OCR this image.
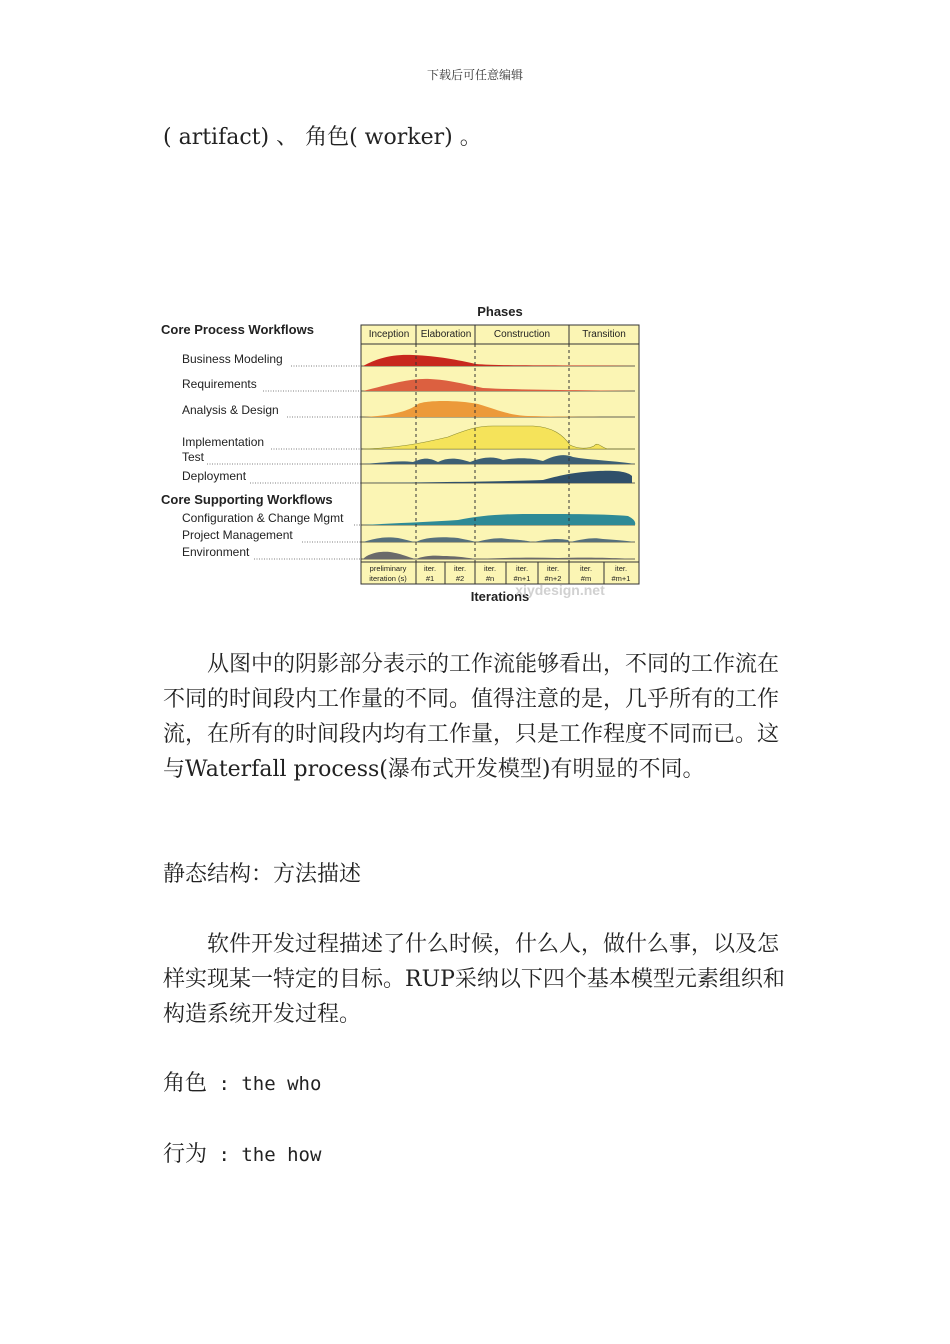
下载后可任意编辑

( artifact) 、 角色( worker) 。

Phases
Core Process Workflows
Core Supporting Workflows
Inception Elaboration Construction	Transition
Business Modeling
Requirements
Analysis & Design
Implementation
Test
Deployment
Configuration & Change Mgmt
Project Management
Environment
preliminary
iteration (s)
iter.
#1
iter.
#2
iter.
#n
iter.
#n+1
iter.
#n+2
iter.
#m
iter.
#m+1
Iterations
xiydesign.net

从图中的阴影部分表示的工作流能够看出，不同的工作流在不同的时间段内工作量的不同。值得注意的是，几乎所有的工作流，在所有的时间段内均有工作量，只是工作程度不同而已。这与Waterfall process(瀑布式开发模型)有明显的不同。

静态结构：方法描述

软件开发过程描述了什么时候，什么人，做什么事，以及怎样实现某一特定的目标。RUP采纳以下四个基本模型元素组织和构造系统开发过程。

角色 : the who

行为 : the how
